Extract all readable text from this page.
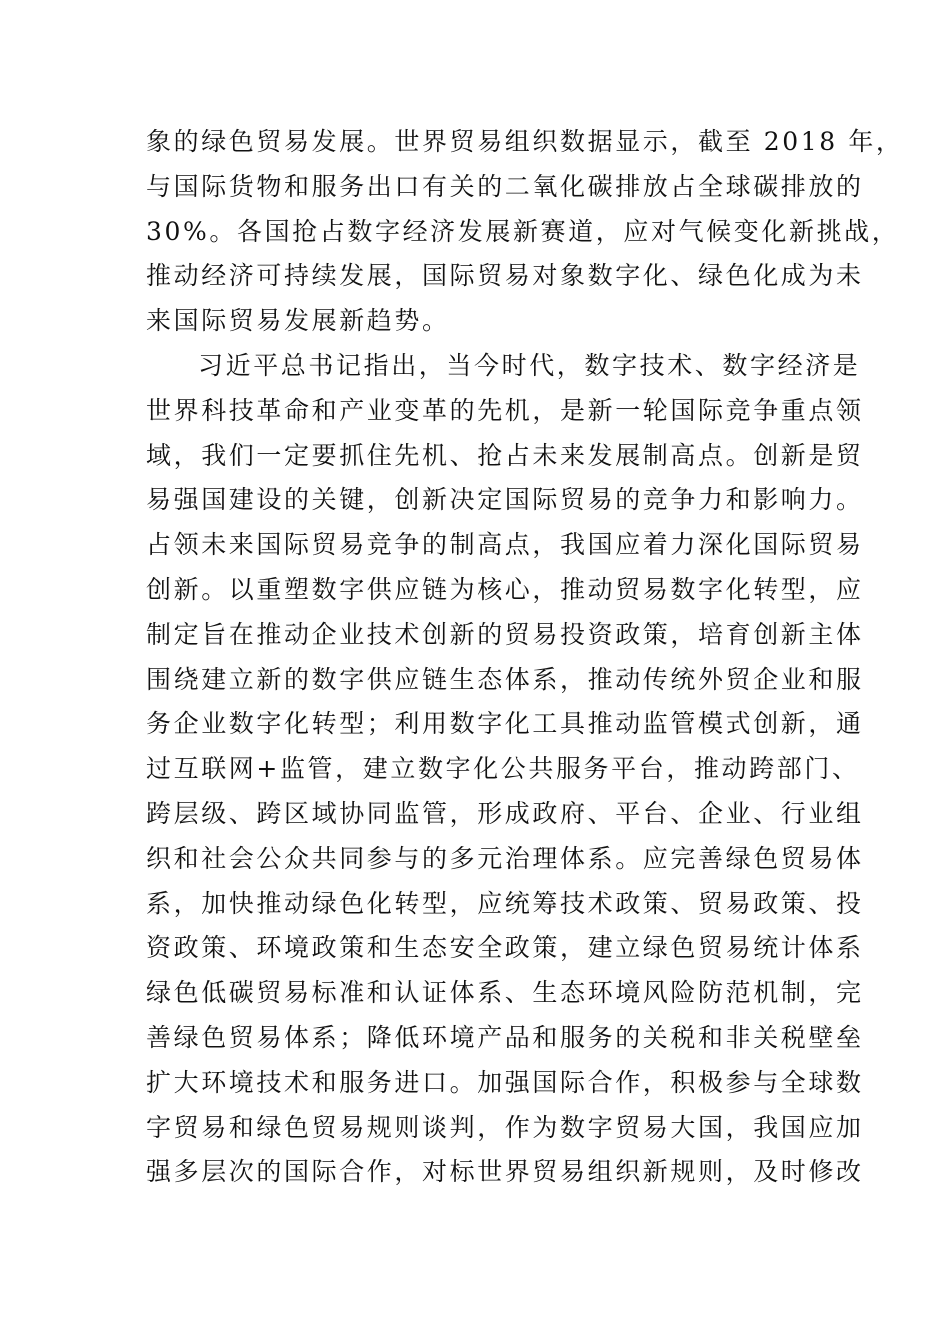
象的绿色贸易发展。世界贸易组织数据显示，截至 2018 年，

与国际货物和服务出口有关的二氧化碳排放占全球碳排放的

30%。各国抢占数字经济发展新赛道，应对气候变化新挑战，

推动经济可持续发展，国际贸易对象数字化、绿色化成为未

来国际贸易发展新趋势。

习近平总书记指出，当今时代，数字技术、数字经济是

世界科技革命和产业变革的先机，是新一轮国际竞争重点领

域，我们一定要抓住先机、抢占未来发展制高点。创新是贸

易强国建设的关键，创新决定国际贸易的竞争力和影响力。

占领未来国际贸易竞争的制高点，我国应着力深化国际贸易

创新。以重塑数字供应链为核心，推动贸易数字化转型，应

制定旨在推动企业技术创新的贸易投资政策，培育创新主体

围绕建立新的数字供应链生态体系，推动传统外贸企业和服

务企业数字化转型；利用数字化工具推动监管模式创新，通

过互联网+监管，建立数字化公共服务平台，推动跨部门、

跨层级、跨区域协同监管，形成政府、平台、企业、行业组

织和社会公众共同参与的多元治理体系。应完善绿色贸易体

系，加快推动绿色化转型，应统筹技术政策、贸易政策、投

资政策、环境政策和生态安全政策，建立绿色贸易统计体系

绿色低碳贸易标准和认证体系、生态环境风险防范机制，完

善绿色贸易体系；降低环境产品和服务的关税和非关税壁垒

扩大环境技术和服务进口。加强国际合作，积极参与全球数

字贸易和绿色贸易规则谈判，作为数字贸易大国，我国应加

强多层次的国际合作，对标世界贸易组织新规则，及时修改
